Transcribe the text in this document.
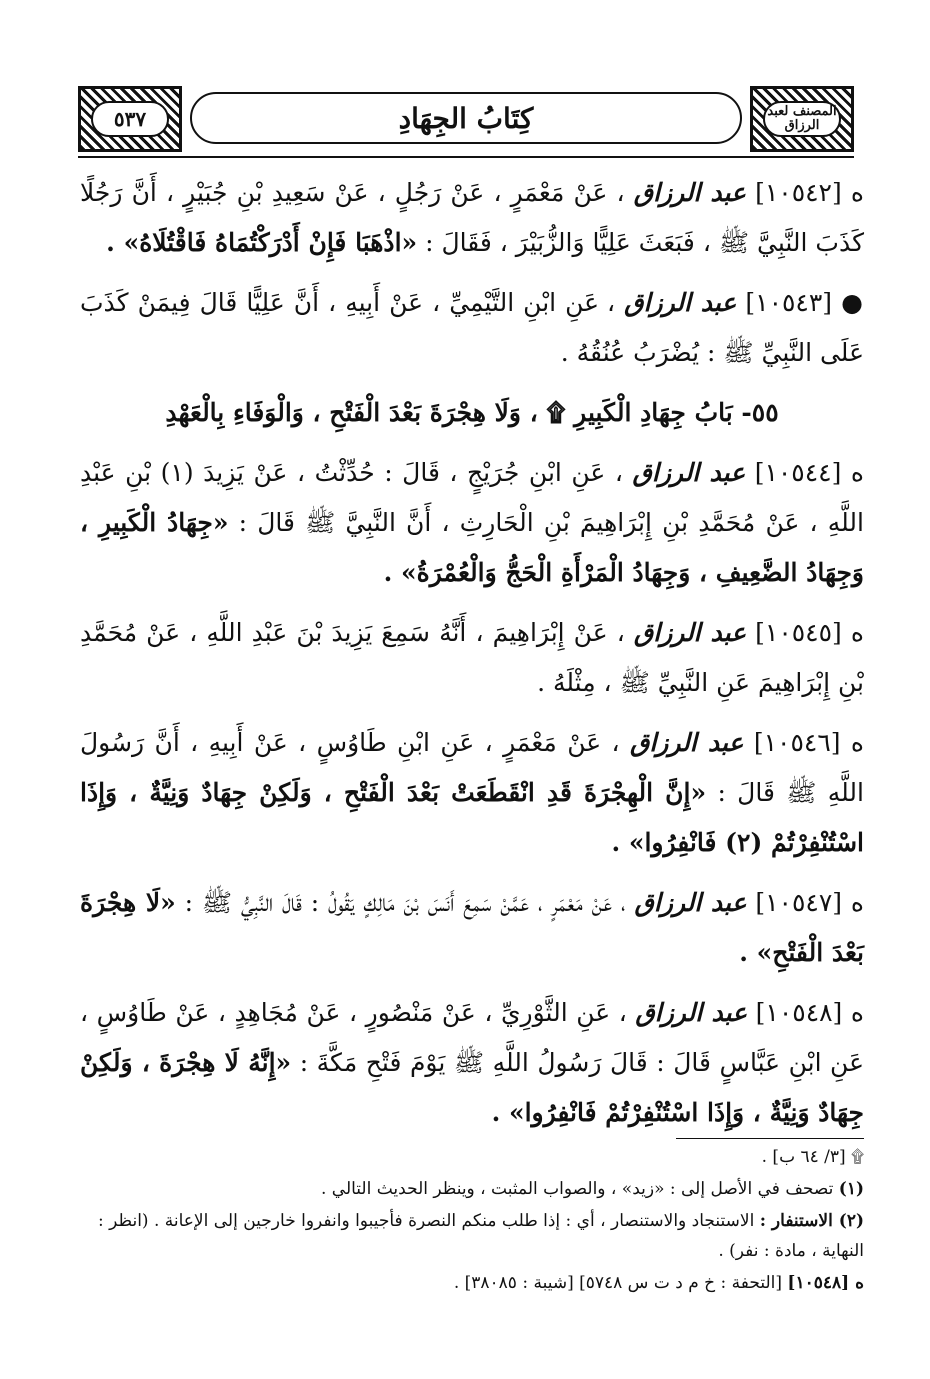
٥٣٧	كِتَابُ الجِهَادِ	المصنف لعبد الرزاق

ه [١٠٥٤٢] عبد الرزاق ، عَنْ مَعْمَرٍ ، عَنْ رَجُلٍ ، عَنْ سَعِيدِ بْنِ جُبَيْرٍ ، أَنَّ رَجُلًا كَذَبَ النَّبِيَّ ﷺ ، فَبَعَثَ عَلِيًّا وَالزُّبَيْرَ ، فَقَالَ : «اذْهَبَا فَإِنْ أَدْرَكْتُمَاهُ فَاقْتُلَاهُ» .

● [١٠٥٤٣] عبد الرزاق ، عَنِ ابْنِ التَّيْمِيِّ ، عَنْ أَبِيهِ ، أَنَّ عَلِيًّا قَالَ فِيمَنْ كَذَبَ عَلَى النَّبِيِّ ﷺ : يُضْرَبُ عُنُقُهُ .

٥٥- بَابُ جِهَادِ الْكَبِيرِ ۩ ، وَلَا هِجْرَةَ بَعْدَ الْفَتْحِ ، وَالْوَفَاءِ بِالْعَهْدِ

ه [١٠٥٤٤] عبد الرزاق ، عَنِ ابْنِ جُرَيْجٍ ، قَالَ : حُدِّثْتُ ، عَنْ يَزِيدَ (١) بْنِ عَبْدِ اللَّهِ ، عَنْ مُحَمَّدِ بْنِ إِبْرَاهِيمَ بْنِ الْحَارِثِ ، أَنَّ النَّبِيَّ ﷺ قَالَ : «جِهَادُ الْكَبِيرِ ، وَجِهَادُ الضَّعِيفِ ، وَجِهَادُ الْمَرْأَةِ الْحَجُّ وَالْعُمْرَةُ» .

ه [١٠٥٤٥] عبد الرزاق ، عَنْ إِبْرَاهِيمَ ، أَنَّهُ سَمِعَ يَزِيدَ بْنَ عَبْدِ اللَّهِ ، عَنْ مُحَمَّدِ بْنِ إِبْرَاهِيمَ عَنِ النَّبِيِّ ﷺ ، مِثْلَهُ .

ه [١٠٥٤٦] عبد الرزاق ، عَنْ مَعْمَرٍ ، عَنِ ابْنِ طَاوُسٍ ، عَنْ أَبِيهِ ، أَنَّ رَسُولَ اللَّهِ ﷺ قَالَ : «إِنَّ الْهِجْرَةَ قَدِ انْقَطَعَتْ بَعْدَ الْفَتْحِ ، وَلَكِنْ جِهَادٌ وَنِيَّةٌ ، وَإِذَا اسْتُنْفِرْتُمْ (٢) فَانْفِرُوا» .

ه [١٠٥٤٧] عبد الرزاق ، عَنْ مَعْمَرٍ ، عَمَّنْ سَمِعَ أَنَسَ بْنَ مَالِكٍ يَقُولُ : قَالَ النَّبِيُّ ﷺ : «لَا هِجْرَةَ بَعْدَ الْفَتْحِ» .

ه [١٠٥٤٨] عبد الرزاق ، عَنِ الثَّوْرِيِّ ، عَنْ مَنْصُورٍ ، عَنْ مُجَاهِدٍ ، عَنْ طَاوُسٍ ، عَنِ ابْنِ عَبَّاسٍ قَالَ : قَالَ رَسُولُ اللَّهِ ﷺ يَوْمَ فَتْحِ مَكَّةَ : «إِنَّهُ لَا هِجْرَةَ ، وَلَكِنْ جِهَادٌ وَنِيَّةٌ ، وَإِذَا اسْتُنْفِرْتُمْ فَانْفِرُوا» .

۩ [٣/ ٦٤ ب] .

(١) تصحف في الأصل إلى : «زيد» ، والصواب المثبت ، وينظر الحديث التالي .

(٢) الاستنفار : الاستنجاد والاستنصار ، أي : إذا طلب منكم النصرة فأجيبوا وانفروا خارجين إلى الإعانة . (انظر : النهاية ، مادة : نفر) .

ه [١٠٥٤٨] [التحفة : خ م د ت س ٥٧٤٨] [شيبة : ٣٨٠٨٥] .
